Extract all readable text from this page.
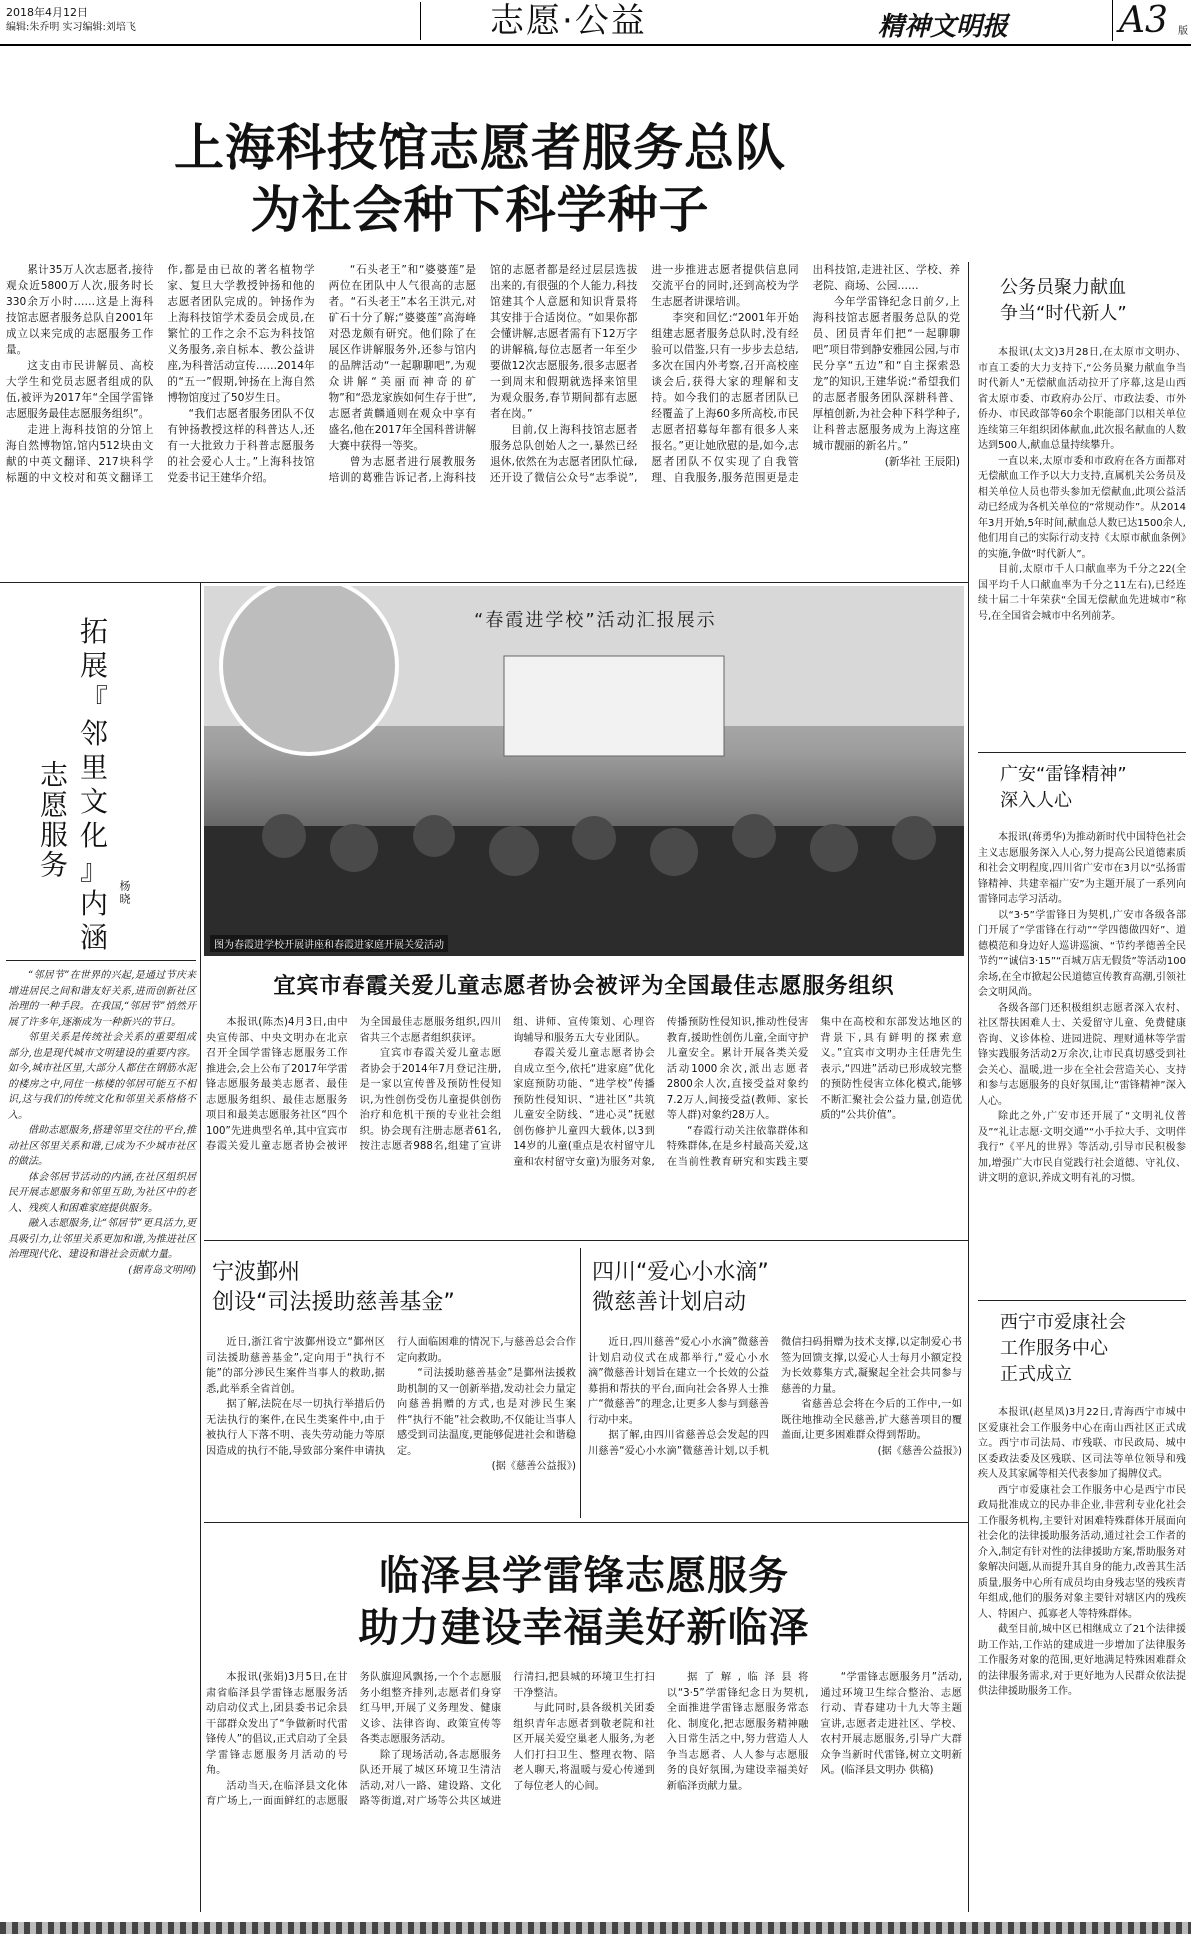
2018年4月12日
编辑:朱乔明 实习编辑:刘培飞	志愿·公益	精神文明报	A3 版
上海科技馆志愿者服务总队
为社会种下科学种子

累计35万人次志愿者,接待观众近5800万人次,服务时长330余万小时……这是上海科技馆志愿者服务总队自2001年成立以来完成的志愿服务工作量。

这支由市民讲解员、高校大学生和党员志愿者组成的队伍,被评为2017年“全国学雷锋志愿服务最佳志愿服务组织”。

走进上海科技馆的分馆上海自然博物馆,馆内512块由文献的中英文翻译、217块科学标题的中文校对和英文翻译工作,都是由已故的著名植物学家、复旦大学教授钟扬和他的志愿者团队完成的。钟扬作为上海科技馆学术委员会成员,在繁忙的工作之余不忘为科技馆义务服务,亲自标本、教公益讲座,为科普活动宣传……2014年的“五一”假期,钟扬在上海自然博物馆度过了50岁生日。

“我们志愿者服务团队不仅有钟扬教授这样的科普达人,还有一大批致力于科普志愿服务的社会爱心人士。”上海科技馆党委书记王建华介绍。

“石头老王”和“婆婆莲”是两位在团队中人气很高的志愿者。“石头老王”本名王洪元,对矿石十分了解;“婆婆莲”高海峰对恐龙颇有研究。他们除了在展区作讲解服务外,还参与馆内的品牌活动“一起聊聊吧”,为观众讲解“美丽而神奇的矿物”和“恐龙家族如何生存于世”,志愿者黄麟通则在观众中享有盛名,他在2017年全国科普讲解大赛中获得一等奖。

曾为志愿者进行展教服务培训的葛雅告诉记者,上海科技馆的志愿者都是经过层层选拔出来的,有很强的个人能力,科技馆建其个人意愿和知识背景将其安排于合适岗位。“如果你都会懂讲解,志愿者需有下12万字的讲解稿,每位志愿者一年至少要做12次志愿服务,很多志愿者一到周末和假期就选择来馆里为观众服务,春节期间都有志愿者在岗。”

目前,仅上海科技馆志愿者服务总队创始人之一,暴然已经退休,依然在为志愿者团队忙碌,还开设了微信公众号“志季说”,进一步推进志愿者提供信息同交流平台的同时,还到高校为学生志愿者讲课培训。

李突和回忆:“2001年开始组建志愿者服务总队时,没有经验可以借鉴,只有一步步去总结,多次在国内外考察,召开高校座谈会后,获得大家的理解和支持。如今我们的志愿者团队已经覆盖了上海60多所高校,市民志愿者招募每年都有很多人来报名。”更让她欣慰的是,如今,志愿者团队不仅实现了自我管理、自我服务,服务范围更是走出科技馆,走进社区、学校、养老院、商场、公园……

今年学雷锋纪念日前夕,上海科技馆志愿者服务总队的党员、团员青年们把“一起聊聊吧”项目带到静安雅园公园,与市民分享“五边”和“自主探索恐龙”的知识,王建华说:“希望我们的志愿者服务团队深耕科普、厚植创新,为社会种下科学种子,让科普志愿服务成为上海这座城市靓丽的新名片。”

(新华社 王辰阳)

公务员聚力献血
争当“时代新人”

本报讯(太文)3月28日,在太原市文明办、市直工委的大力支持下,“公务员聚力献血争当时代新人”无偿献血活动拉开了序幕,这是山西省太原市委、市政府办公厅、市政法委、市外侨办、市民政部等60余个职能部门以相关单位连续第三年组织团体献血,此次报名献血的人数达到500人,献血总量持续攀升。

一直以来,太原市委和市政府在各方面都对无偿献血工作予以大力支持,直属机关公务员及相关单位人员也带头参加无偿献血,此项公益活动已经成为各机关单位的“常规动作”。从2014年3月开始,5年时间,献血总人数已达1500余人,他们用自己的实际行动支持《太原市献血条例》的实施,争做“时代新人”。

目前,太原市千人口献血率为千分之22(全国平均千人口献血率为千分之11左右),已经连续十届二十年荣获“全国无偿献血先进城市”称号,在全国省会城市中名列前茅。

广安“雷锋精神”
深入人心

本报讯(蒋勇华)为推动新时代中国特色社会主义志愿服务深入人心,努力提高公民道德素质和社会文明程度,四川省广安市在3月以“弘扬雷锋精神、共建幸福广安”为主题开展了一系列向雷锋同志学习活动。

以“3·5”学雷锋日为契机,广安市各级各部门开展了“学雷锋在行动”“学四德做四好”、道德模范和身边好人巡讲巡演、“节约孝德善全民节约”“诚信3·15”“百城万店无假货”等活动100余场,在全市掀起公民道德宣传教育高潮,引领社会文明风尚。

各级各部门还积极组织志愿者深入农村、社区帮扶困难人士、关爱留守儿童、免费健康咨询、义诊体检、进园进院、理财通林等学雷锋实践服务活动2万余次,让市民真切感受到社会关心、温暖,进一步在全社会营造关心、支持和参与志愿服务的良好氛围,让“雷锋精神”深入人心。

除此之外,广安市还开展了“文明礼仪普及”“礼让志愿·文明交通”“小手拉大手、文明伴我行”《平凡的世界》等活动,引导市民积极参加,增强广大市民自觉践行社会道德、守礼仪、讲文明的意识,养成文明有礼的习惯。

西宁市爱康社会
工作服务中心
正式成立

本报讯(赵星凤)3月22日,青海西宁市城中区爱康社会工作服务中心在南山西社区正式成立。西宁市司法局、市残联、市民政局、城中区委政法委及区残联、区司法等单位领导和残疾人及其家属等相关代表参加了揭牌仪式。

西宁市爱康社会工作服务中心是西宁市民政局批准成立的民办非企业,非营利专业化社会工作服务机构,主要针对困难特殊群体开展面向社会化的法律援助服务活动,通过社会工作者的介入,制定有针对性的法律援助方案,帮助服务对象解决问题,从而提升其自身的能力,改善其生活质量,服务中心所有成员均由身残志坚的残疾青年组成,他们的服务对象主要针对辖区内的残疾人、特困户、孤寡老人等特殊群体。

截至目前,城中区已相继成立了21个法律援助工作站,工作站的建成进一步增加了法律服务工作服务对象的范围,更好地满足特殊困难群众的法律服务需求,对于更好地为人民群众依法提供法律援助服务工作。

拓
展
『
邻
里
文
化
』
内
涵
志愿服务
杨晓

“邻居节”在世界的兴起,是通过节庆来增进居民之间和谐友好关系,进而创新社区治理的一种手段。在我国,“邻居节”悄然开展了许多年,逐渐成为一种新兴的节日。

邻里关系是传统社会关系的重要组成部分,也是现代城市文明建设的重要内容。如今,城市社区里,大部分人都住在钢筋水泥的楼房之中,同住一栋楼的邻居可能互不相识,这与我们的传统文化和邻里关系格格不入。

借助志愿服务,搭建邻里交往的平台,推动社区邻里关系和谐,已成为不少城市社区的做法。

体会邻居节活动的内涵,在社区组织居民开展志愿服务和邻里互助,为社区中的老人、残疾人和困难家庭提供服务。

融入志愿服务,让“邻居节”更具活力,更具吸引力,让邻里关系更加和谐,为推进社区治理现代化、建设和谐社会贡献力量。

(据青岛文明网)

“春霞进学校”活动汇报展示
图为春霞进学校开展讲座和春霞进家庭开展关爱活动
宜宾市春霞关爱儿童志愿者协会被评为全国最佳志愿服务组织

本报讯(陈杰)4月3日,由中央宣传部、中央文明办在北京召开全国学雷锋志愿服务工作推进会,会上公布了2017年学雷锋志愿服务最美志愿者、最佳志愿服务组织、最佳志愿服务项目和最美志愿服务社区“四个100”先进典型名单,其中宜宾市春霞关爱儿童志愿者协会被评为全国最佳志愿服务组织,四川省共三个志愿者组织获评。

宜宾市春霞关爱儿童志愿者协会于2014年7月登记注册,是一家以宣传普及预防性侵知识,为性创伤受伤儿童提供创伤治疗和危机干预的专业社会组织。协会现有注册志愿者61名,按注志愿者988名,组建了宣讲组、讲师、宣传策划、心理咨询辅导和服务五大专业团队。

春霞关爱儿童志愿者协会自成立至今,依托“进家庭”优化家庭预防功能、“进学校”传播预防性侵知识、“进社区”共筑儿童安全防线、“进心灵”抚慰创伤修护儿童四大载体,以3到14岁的儿童(重点是农村留守儿童和农村留守女童)为服务对象,传播预防性侵知识,推动性侵害教育,援助性创伤儿童,全面守护儿童安全。累计开展各类关爱活动1000余次,派出志愿者2800余人次,直接受益对象约7.2万人,间接受益(教师、家长等人群)对象约28万人。

“春霞行动关注依靠群体和特殊群体,在是乡村最高关爱,这在当前性教育研究和实践主要集中在高校和东部发达地区的背景下,具有鲜明的探索意义。”宜宾市文明办主任唐先生表示,“四进”活动已形成较完整的预防性侵害立体化模式,能够不断汇聚社会公益力量,创造优质的“公共价值”。

宁波鄞州
创设“司法援助慈善基金”

近日,浙江省宁波鄞州设立“鄞州区司法援助慈善基金”,定向用于“执行不能”的部分涉民生案件当事人的救助,据悉,此举系全省首创。

据了解,法院在尽一切执行举措后仍无法执行的案件,在民生类案件中,由于被执行人下落不明、丧失劳动能力等原因造成的执行不能,导致部分案件申请执行人面临困难的情况下,与慈善总会合作定向救助。

“司法援助慈善基金”是鄞州法援救助机制的又一创新举措,发动社会力量定向慈善捐赠的方式,也是对涉民生案件“执行不能”社会救助,不仅能让当事人感受到司法温度,更能够促进社会和谐稳定。

(据《慈善公益报》)

四川“爱心小水滴”
微慈善计划启动

近日,四川慈善“爱心小水滴”微慈善计划启动仪式在成都举行,“爱心小水滴”微慈善计划旨在建立一个长效的公益募捐和帮扶的平台,面向社会各界人士推广“微慈善”的理念,让更多人参与到慈善行动中来。

据了解,由四川省慈善总会发起的四川慈善“爱心小水滴”微慈善计划,以手机微信扫码捐赠为技术支撑,以定制爱心书签为回馈支撑,以爱心人士每月小额定投为长效募集方式,凝聚起全社会共同参与慈善的力量。

省慈善总会将在今后的工作中,一如既往地推动全民慈善,扩大慈善项目的覆盖面,让更多困难群众得到帮助。

(据《慈善公益报》)

临泽县学雷锋志愿服务
助力建设幸福美好新临泽

本报讯(张娟)3月5日,在甘肃省临泽县学雷锋志愿服务活动启动仪式上,团县委书记余县干部群众发出了“争做新时代雷锋传人”的倡议,正式启动了全县学雷锋志愿服务月活动的号角。

活动当天,在临泽县文化体育广场上,一面面鲜红的志愿服务队旗迎风飘扬,一个个志愿服务小组整齐排列,志愿者们身穿红马甲,开展了义务理发、健康义诊、法律咨询、政策宣传等各类志愿服务活动。

除了现场活动,各志愿服务队还开展了城区环境卫生清洁活动,对八一路、建设路、文化路等街道,对广场等公共区域进行清扫,把县城的环境卫生打扫干净整洁。

与此同时,县各级机关团委组织青年志愿者到敬老院和社区开展关爱空巢老人服务,为老人们打扫卫生、整理衣物、陪老人聊天,将温暖与爱心传递到了每位老人的心间。

据了解,临泽县将以“3·5”学雷锋纪念日为契机,全面推进学雷锋志愿服务常态化、制度化,把志愿服务精神融入日常生活之中,努力营造人人争当志愿者、人人参与志愿服务的良好氛围,为建设幸福美好新临泽贡献力量。

“学雷锋志愿服务月”活动,通过环境卫生综合整治、志愿行动、青春建功十九大等主题宣讲,志愿者走进社区、学校、农村开展志愿服务,引导广大群众争当新时代雷锋,树立文明新风。(临泽县文明办 供稿)
